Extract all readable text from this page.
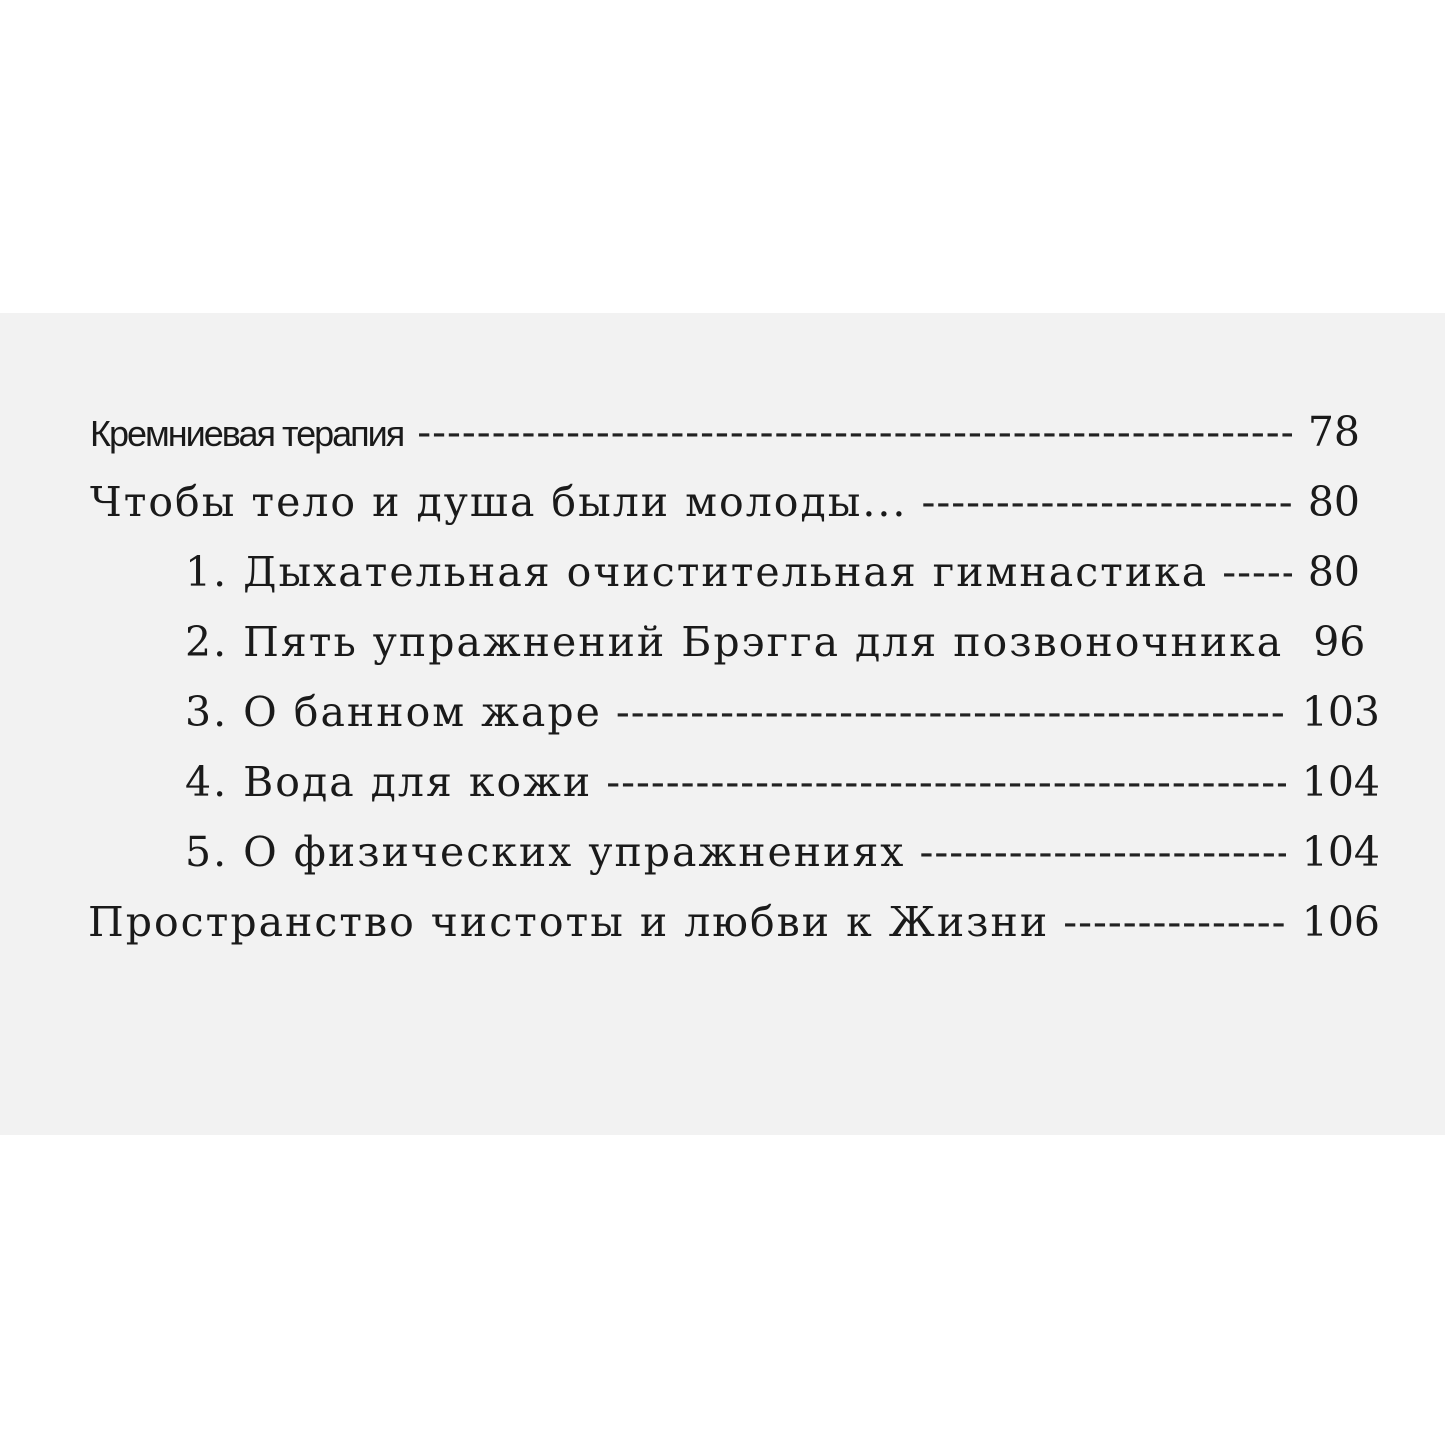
Кремниевая терапия - - -	78
Чтобы тело и душа были молоды... - - -	80
1. Дыхательная очистительная гимнастика - - - 80
2. Пять упражнений Брэгга для позвоночника 96
3. О банном жаре - - -	103
4. Вода для кожи - - -	104
5. О физических упражнениях - - -	104
Пространство чистоты и любви к Жизни - - -	106
